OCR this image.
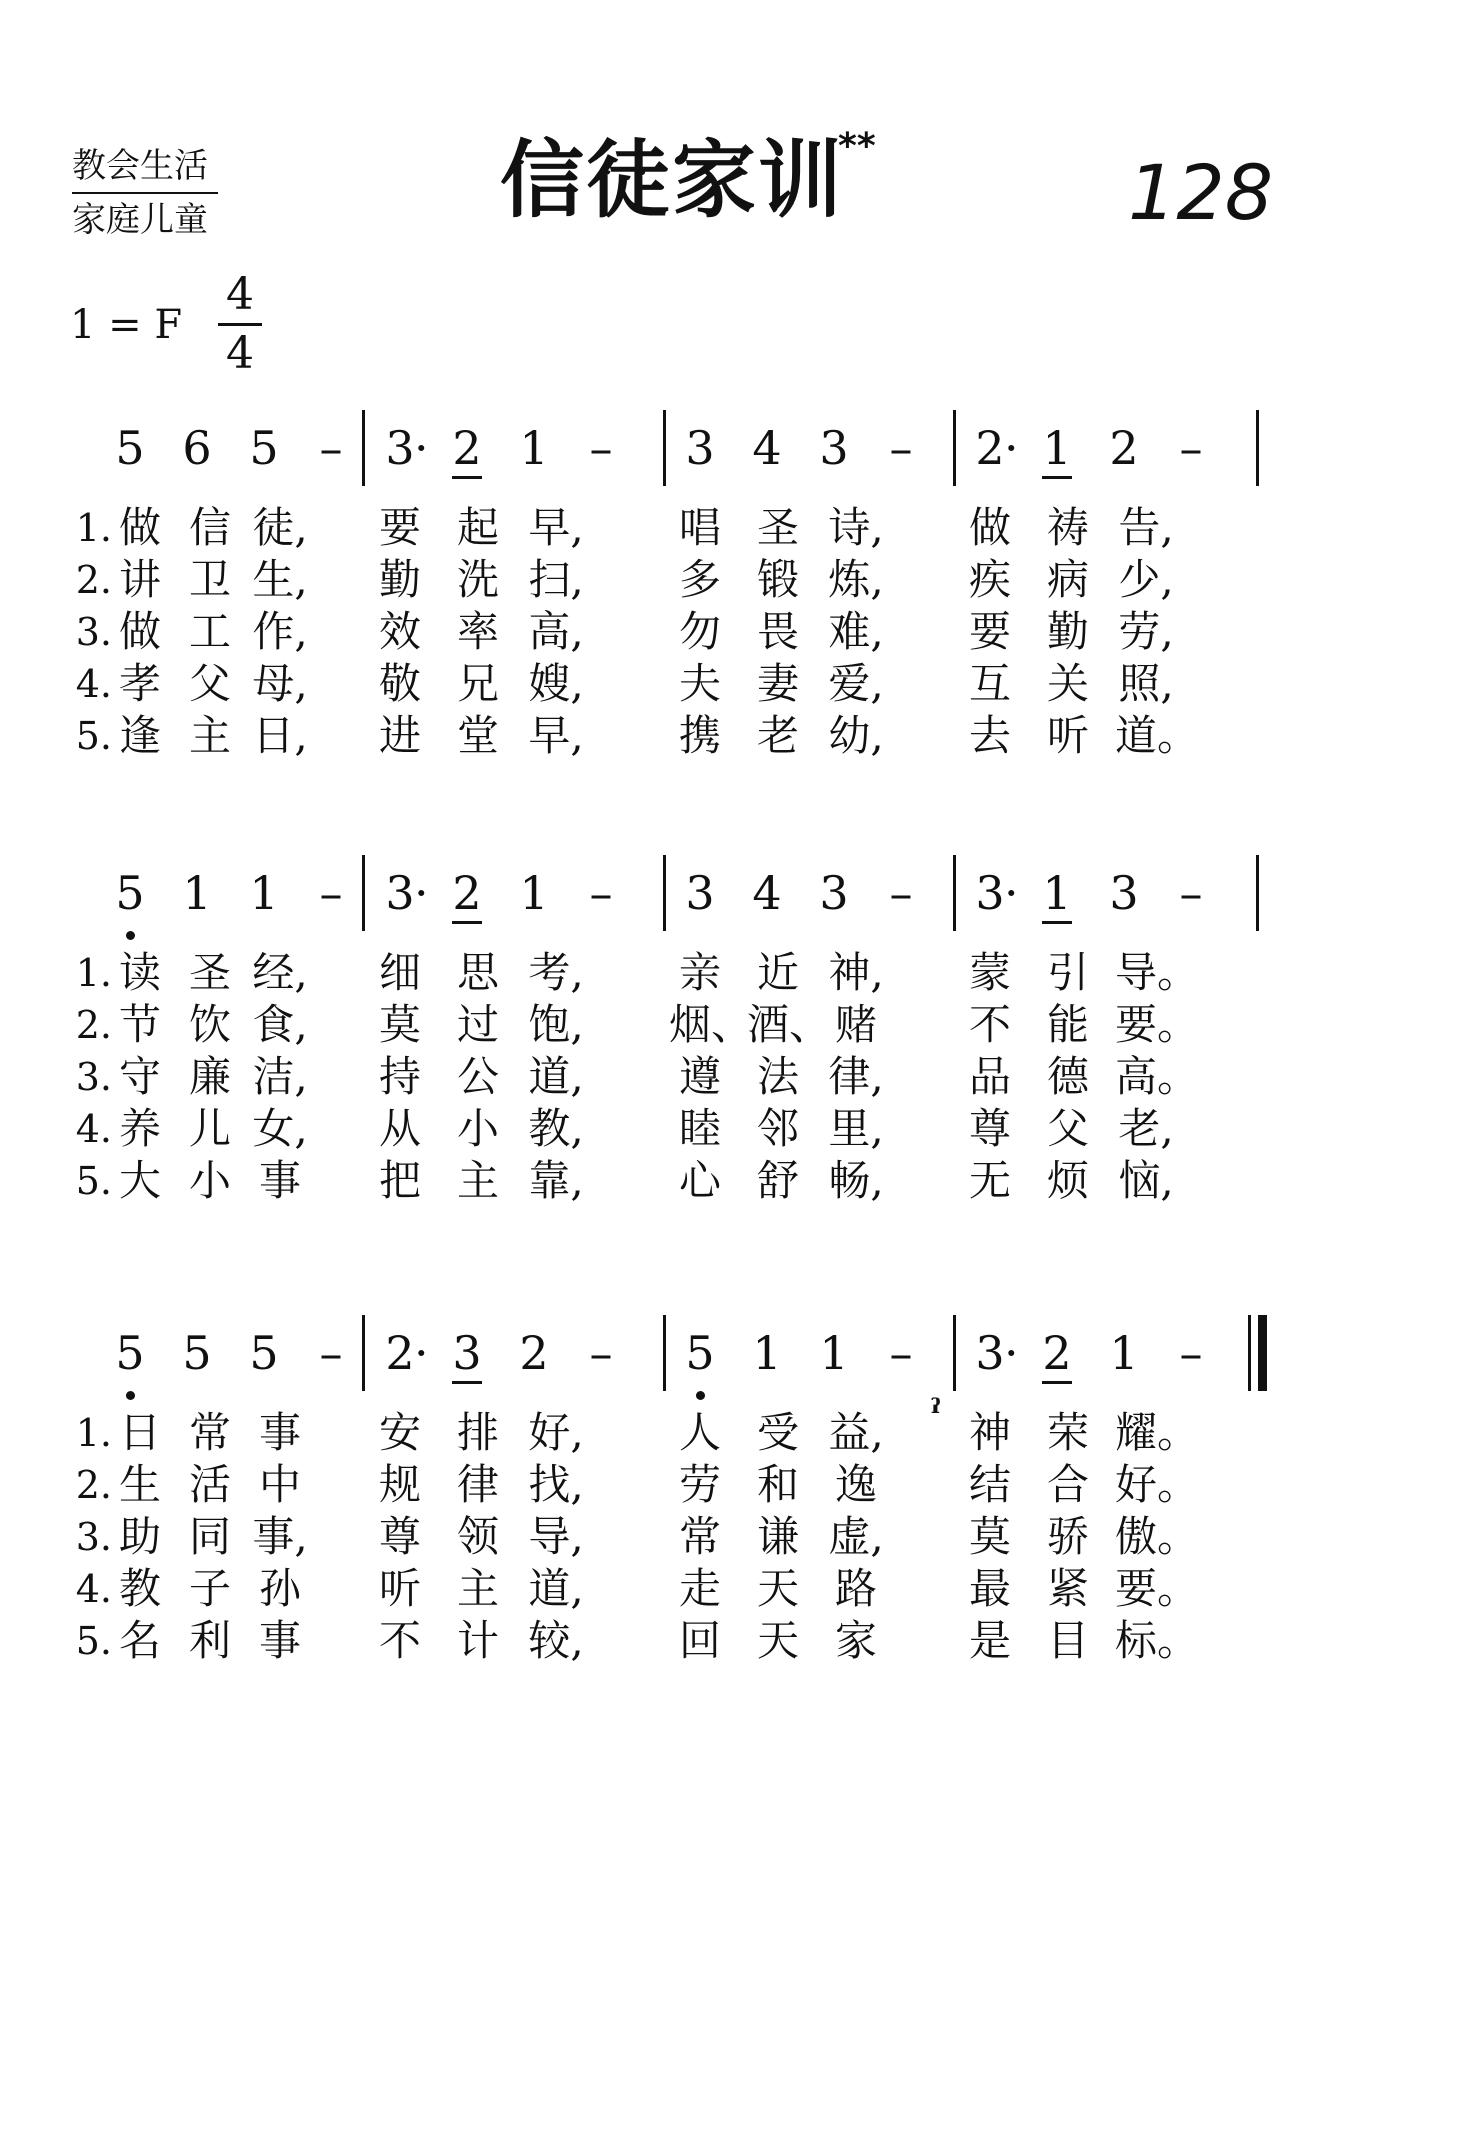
教会生活
家庭儿童	信徒家训
**
128
1 = F
4
4
5 6 5 – 3 · 2 1 – 3 4 3 – 2 · 1 2 –
1. 做 信 徒, 要 起 早, 唱 圣 诗, 做 祷 告,
2. 讲 卫 生, 勤 洗 扫, 多 锻 炼, 疾 病 少,
3. 做 工 作, 效 率 高, 勿 畏 难, 要 勤 劳,
4. 孝 父 母, 敬 兄 嫂, 夫 妻 爱, 互 关 照,
5. 逢 主 日, 进 堂 早, 携 老 幼, 去 听 道。
5 1 1 – 3 · 2 1 – 3 4 3 – 3 · 1 3 –
1. 读 圣 经, 细 思 考, 亲 近 神, 蒙 引 导。
2. 节 饮 食, 莫 过 饱, 烟、
酒、 赌 不 能 要。
3. 守 廉 洁, 持 公 道, 遵 法 律, 品 德 高。
4. 养 儿 女, 从 小 教, 睦 邻 里, 尊 父 老,
5. 大 小 事 把 主 靠, 心 舒 畅, 无 烦 恼,
5 5 5 – 2 · 3 2 – 5 1 1 – 3 · 2 1 –
1. 日 常 事 安 排 好, 人 受 益, 神 荣 耀。
2. 生 活 中 规 律 找, 劳 和 逸 结 合 好。
3. 助 同 事, 尊 领 导, 常 谦 虚, 莫 骄 傲。
4. 教 子 孙 听 主 道, 走 天 路 最 紧 要。
5. 名 利 事 不 计 较, 回 天 家 是 目 标。
ˀ
